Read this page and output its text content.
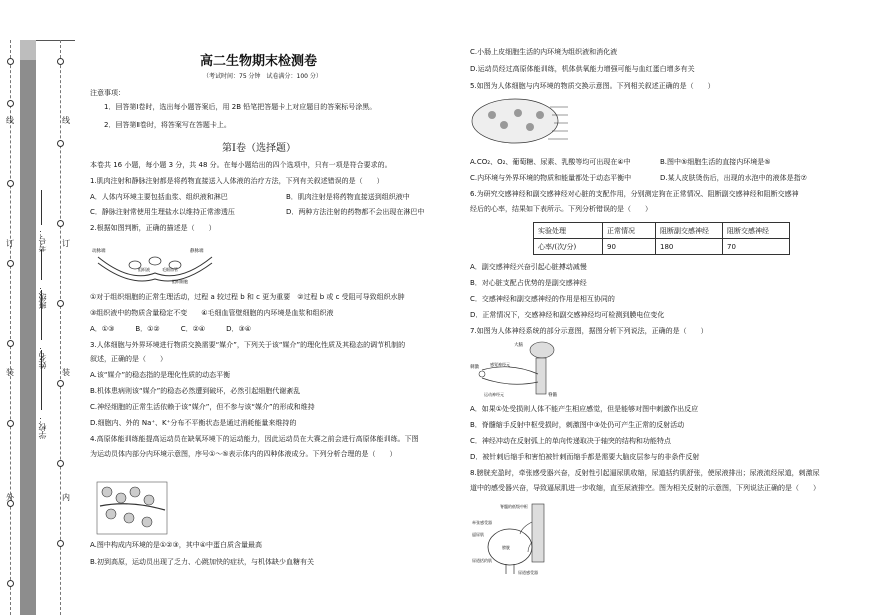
线
订
装
外
线
订
装
内
学校：
姓名：
班级：
考号：
高二生物期末检测卷
（考试时间：75 分钟　试卷满分：100 分）
注意事项：
1．回答第Ⅰ卷时，选出每小题答案后，用 2B 铅笔把答题卡上对应题目的答案标号涂黑。
2．回答第Ⅱ卷时，将答案写在答题卡上。
第Ⅰ卷（选择题）
本卷共 16 小题，每小题 3 分，共 48 分。在每小题给出的四个选项中，只有一项是符合要求的。
1.肌肉注射和静脉注射都是将药物直接送入人体液的治疗方法，下列有关叙述错误的是（　　）
A．人体内环境主要包括血浆、组织液和淋巴	B．肌肉注射是将药物直接送到组织液中
C．静脉注射常使用生理盐水以维持正常渗透压	D．两种方法注射的药物都不会出现在淋巴中
2.根据如图判断，正确的描述是（　　）
动脉端	静脉端
毛细血管
组织液
组织细胞
①对于组织细胞的正常生理活动，过程 a 较过程 b 和 c 更为重要　②过程 b 或 c 受阻可导致组织水肿
③组织液中的物质含量稳定不变　　④毛细血管壁细胞的内环境是血浆和组织液
A．①③　　　B．①②　　　C．②④　　　D．③④
3.人体细胞与外界环境进行物质交换需要“媒介”，下列关于该“媒介”的理化性质及其稳态的调节机制的
叙述，正确的是（　　）
A.该“媒介”的稳态指的是理化性质的动态平衡
B.机体患病则该“媒介”的稳态必然遭到破坏，必然引起细胞代谢紊乱
C.神经细胞的正常生活依赖于该“媒介”，但不参与该“媒介”的形成和维持
D.细胞内、外的 Na⁺、K⁺分布不平衡状态是通过消耗能量来维持的
4.高原体能训练能提高运动员在缺氧环境下的运动能力，因此运动员在大赛之前会进行高原体能训练。下图
为运动员体内部分内环境示意图，序号①～⑤表示体内的四种体液成分。下列分析合理的是（　　）
A.图中构成内环境的是①②③，其中④中蛋白质含量最高
B.初到高原，运动员出现了乏力、心跳加快的症状，与机体缺少血糖有关
C.小肠上皮细胞生活的内环境为组织液和消化液
D.运动员经过高原体能训练，机体供氧能力增强可能与血红蛋白增多有关
5.如图为人体细胞与内环境的物质交换示意图。下列相关叙述正确的是（　　）
A.CO₂、O₂、葡萄糖、尿素、乳酸等均可出现在④中	B.图中⑤细胞生活的直接内环境是⑤
C.内环境与外界环境的物质和能量都处于动态平衡中	D.某人皮肤烫伤后，出现的水泡中的液体是指⑦
6.为研究交感神经和副交感神经对心脏的支配作用，分别测定狗在正常情况、阻断副交感神经和阻断交感神
经后的心率，结果如下表所示。下列分析错误的是（　　）
实验处理	正常情况	阻断副交感神经	阻断交感神经
心率/(次/分)	90	180	70
A．副交感神经兴奋引起心脏搏动减慢
B．对心脏支配占优势的是副交感神经
C．交感神经和副交感神经的作用是相互协同的
D．正常情况下，交感神经和副交感神经均可检测到膜电位变化
7.如图为人体神经系统的部分示意图，据图分析下列说法，正确的是（　　）
大脑
刺激
感觉神经元
运动神经元	脊髓
A．如果①处受损则人体不能产生相应感觉，但是能够对图中刺激作出反应
B．脊髓缩手反射中枢受损时，刺激图中③处仍可产生正常的反射活动
C．神经冲动在反射弧上的单向传递取决于轴突的结构和功能特点
D．被针刺后缩手和害怕被针刺而缩手都是需要大脑皮层参与的非条件反射
8.膀胱充盈时，牵张感受器兴奋，反射性引起逼尿肌收缩，尿道括约肌舒张，使尿液排出；尿液流经尿道，刺激尿
道中的感受器兴奋，导致逼尿肌进一步收缩，直至尿液排空。图为相关反射的示意图，下列说法正确的是（　　）
脊髓的低级中枢
牵张感受器
逼尿肌
尿道括约肌
尿道感受器
膀胱
